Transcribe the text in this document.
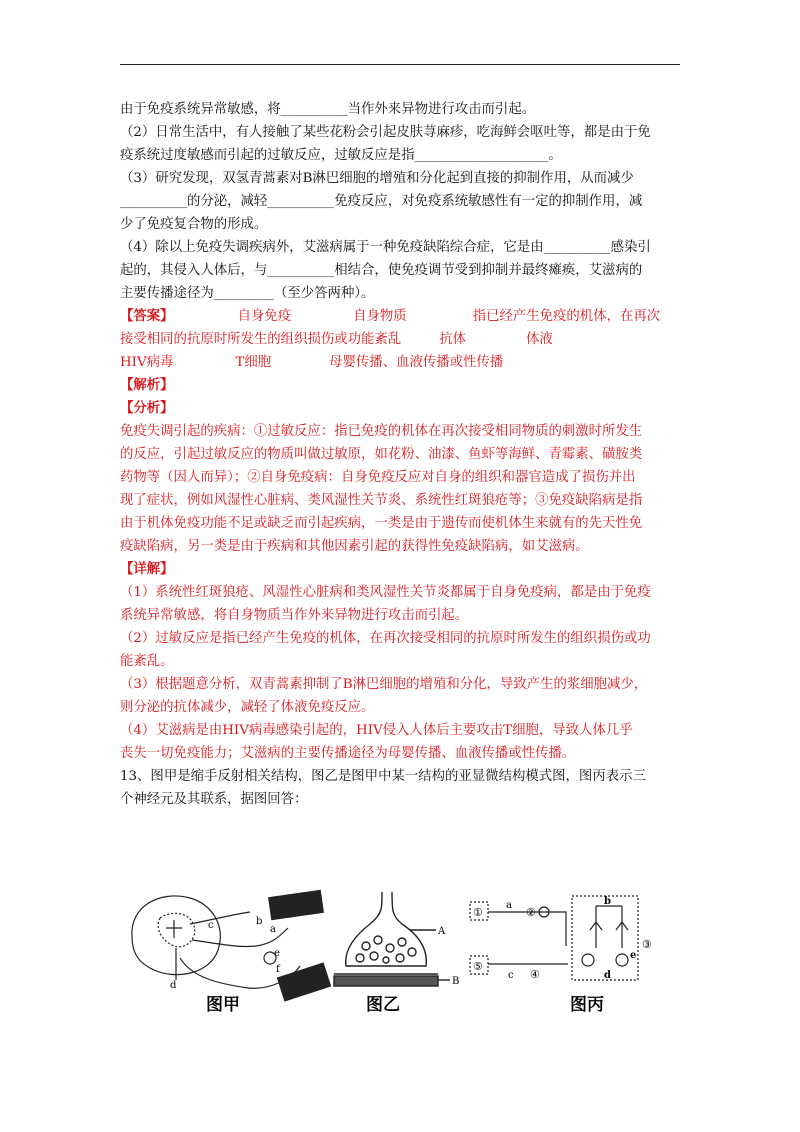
由于免疫系统异常敏感，将__________当作外来异物进行攻击而引起。

（2）日常生活中，有人接触了某些花粉会引起皮肤荨麻疹，吃海鲜会呕吐等，都是由于免

疫系统过度敏感而引起的过敏反应，过敏反应是指____________________。

（3）研究发现，双氢青蒿素对B淋巴细胞的增殖和分化起到直接的抑制作用，从而减少

__________的分泌，减轻__________免疫反应，对免疫系统敏感性有一定的抑制作用，减

少了免疫复合物的形成。

（4）除以上免疫失调疾病外，艾滋病属于一种免疫缺陷综合症，它是由__________感染引

起的，其侵入人体后，与__________相结合，使免疫调节受到抑制并最终瘫痪，艾滋病的

主要传播途径为_________（至少答两种）。

【答案】	自身免疫	自身物质	指已经产生免疫的机体，在再次
接受相同的抗原时所发生的组织损伤或功能紊乱	抗体	体液
HIV病毒	T细胞	母婴传播、血液传播或性传播

【解析】

【分析】

免疫失调引起的疾病：①过敏反应：指已免疫的机体在再次接受相同物质的刺激时所发生

的反应，引起过敏反应的物质叫做过敏原，如花粉、油漆、鱼虾等海鲜、青霉素、磺胺类

药物等（因人而异）；②自身免疫病：自身免疫反应对自身的组织和器官造成了损伤并出

现了症状，例如风湿性心脏病、类风湿性关节炎、系统性红斑狼疮等；③免疫缺陷病是指

由于机体免疫功能不足或缺乏而引起疾病，一类是由于遗传而使机体生来就有的先天性免

疫缺陷病，另一类是由于疾病和其他因素引起的获得性免疫缺陷病，如艾滋病。

【详解】

（1）系统性红斑狼疮、风湿性心脏病和类风湿性关节炎都属于自身免疫病，都是由于免疫

系统异常敏感，将自身物质当作外来异物进行攻击而引起。

（2）过敏反应是指已经产生免疫的机体，在再次接受相同的抗原时所发生的组织损伤或功

能紊乱。

（3）根据题意分析，双青蒿素抑制了B淋巴细胞的增殖和分化，导致产生的浆细胞减少，

则分泌的抗体减少，减轻了体液免疫反应。

（4）艾滋病是由HIV病毒感染引起的，HIV侵入人体后主要攻击T细胞，导致人体几乎

丧失一切免疫能力；艾滋病的主要传播途径为母婴传播、血液传播或性传播。

13、图甲是缩手反射相关结构，图乙是图甲中某一结构的亚显微结构模式图，图丙表示三

个神经元及其联系，据图回答：

b
a
c
d
e
f
图甲
A
B
图乙
①
a
②
b
③
⑤
c ④	d
e
图丙
